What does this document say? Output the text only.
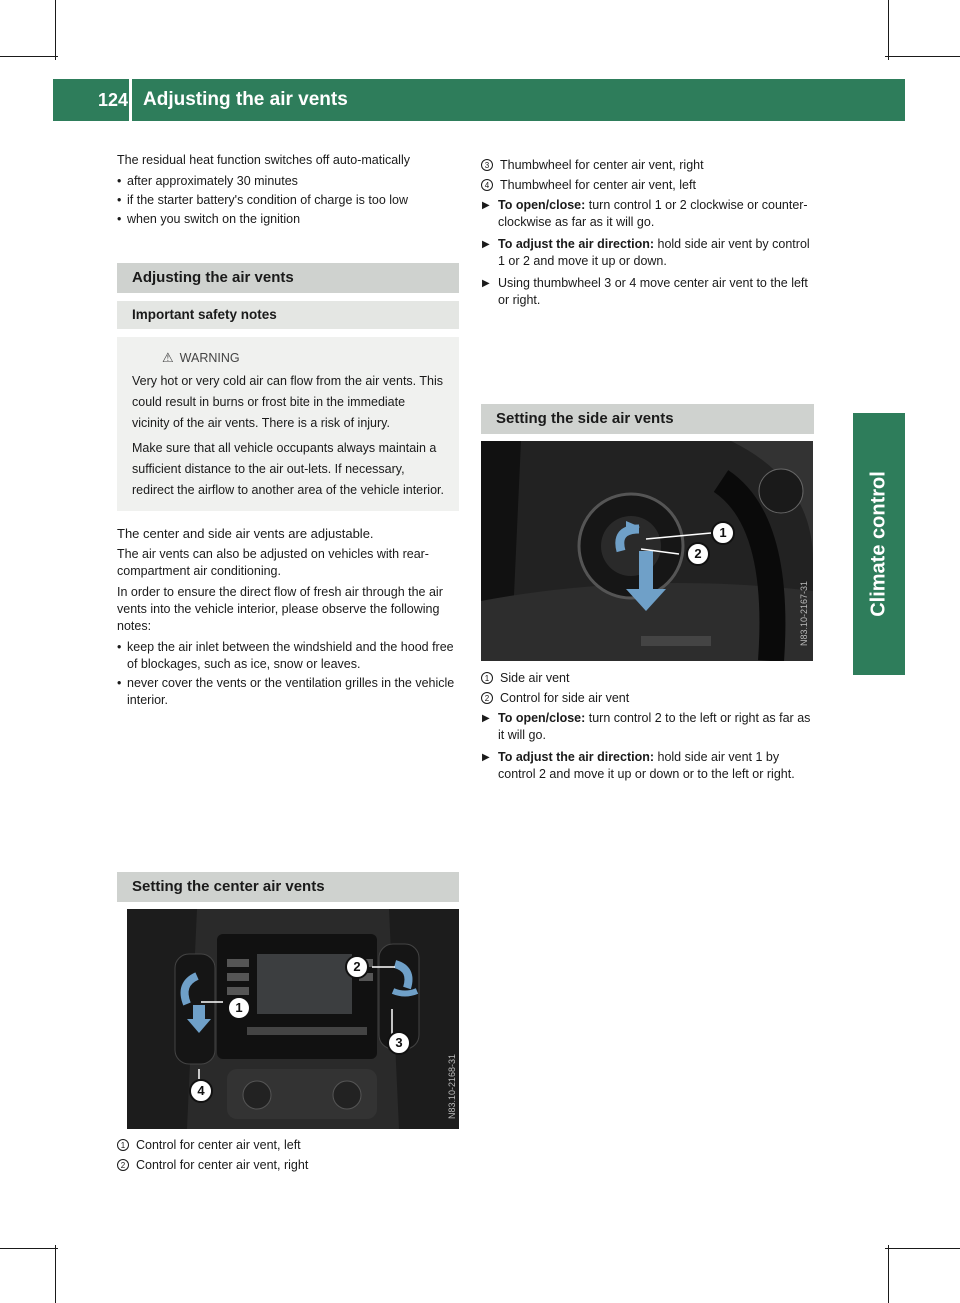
124 Adjusting the air vents
Climate control

The residual heat function switches off auto-matically

• after approximately 30 minutes
• if the starter battery's condition of charge is too low
• when you switch on the ignition
Adjusting the air vents
Important safety notes
⚠ WARNING
Very hot or very cold air can flow from the air vents. This could result in burns or frost bite in the immediate vicinity of the air vents. There is a risk of injury.
Make sure that all vehicle occupants always maintain a sufficient distance to the air out-lets. If necessary, redirect the airflow to another area of the vehicle interior.

The center and side air vents are adjustable.

The air vents can also be adjusted on vehicles with rear-compartment air conditioning.

In order to ensure the direct flow of fresh air through the air vents into the vehicle interior, please observe the following notes:

• keep the air inlet between the windshield and the hood free of blockages, such as ice, snow or leaves.
• never cover the vents or the ventilation grilles in the vehicle interior.
Setting the center air vents
1
2
3
4	N83.10-2168-31
1 Control for center air vent, left
2 Control for center air vent, right
3 Thumbwheel for center air vent, right
4 Thumbwheel for center air vent, left
▶ To open/close: turn control 1 or 2 clockwise or counter-clockwise as far as it will go.
▶ To adjust the air direction: hold side air vent by control 1 or 2 and move it up or down.
▶ Using thumbwheel 3 or 4 move center air vent to the left or right.
Setting the side air vents
1
2
N83.10-2167-31
1 Side air vent
2 Control for side air vent
▶ To open/close: turn control 2 to the left or right as far as it will go.
▶ To adjust the air direction: hold side air vent 1 by control 2 and move it up or down or to the left or right.
